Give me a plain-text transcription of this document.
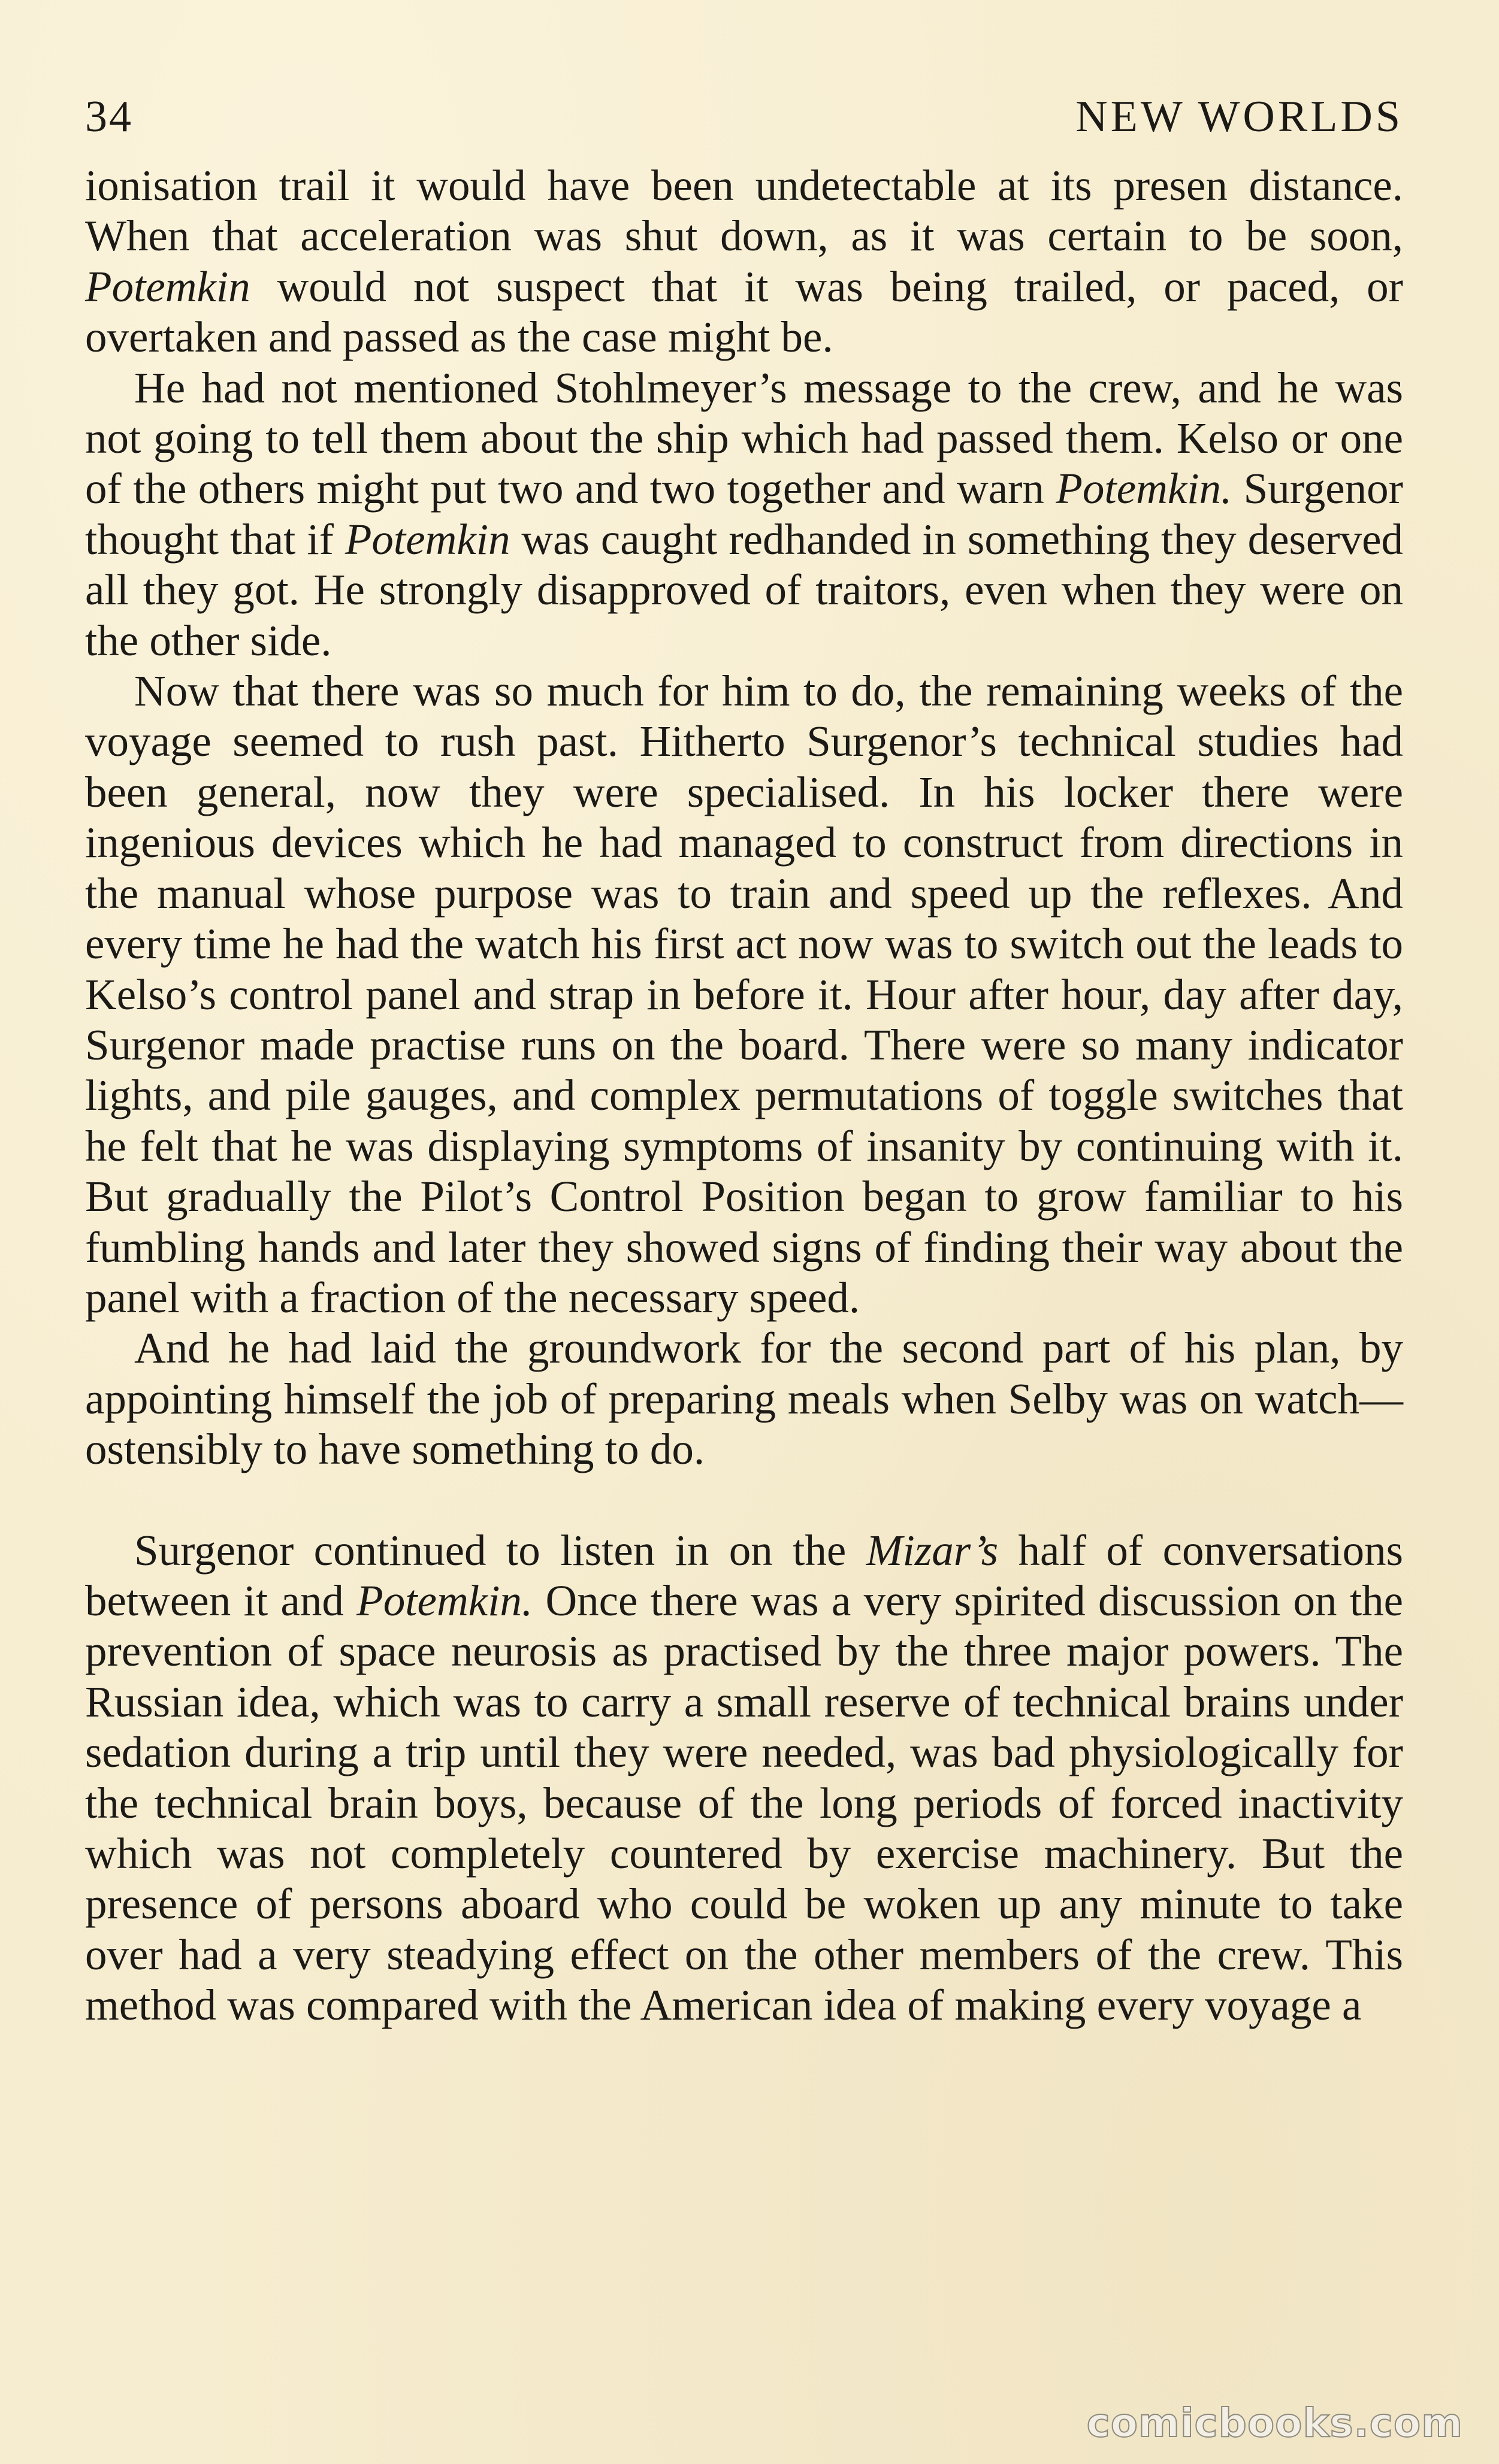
34	NEW WORLDS

ionisation trail it would have been undetectable at its presen distance. When that acceleration was shut down, as it was certain to be soon, Potemkin would not suspect that it was being trailed, or paced, or overtaken and passed as the case might be.

He had not mentioned Stohlmeyer’s message to the crew, and he was not going to tell them about the ship which had passed them. Kelso or one of the others might put two and two together and warn Potemkin. Surgenor thought that if Potemkin was caught redhanded in something they deserved all they got. He strongly disapproved of traitors, even when they were on the other side.

Now that there was so much for him to do, the remaining weeks of the voyage seemed to rush past. Hitherto Surgenor’s technical studies had been general, now they were specialised. In his locker there were ingenious devices which he had managed to construct from directions in the manual whose purpose was to train and speed up the reflexes. And every time he had the watch his first act now was to switch out the leads to Kelso’s control panel and strap in before it. Hour after hour, day after day, Surgenor made practise runs on the board. There were so many indicator lights, and pile gauges, and complex permutations of toggle switches that he felt that he was displaying symptoms of insanity by continuing with it. But gradually the Pilot’s Control Position began to grow familiar to his fumbling hands and later they showed signs of finding their way about the panel with a fraction of the necessary speed.

And he had laid the groundwork for the second part of his plan, by appointing himself the job of preparing meals when Selby was on watch—ostensibly to have something to do.

Surgenor continued to listen in on the Mizar’s half of conversations between it and Potemkin. Once there was a very spirited discussion on the prevention of space neurosis as practised by the three major powers. The Russian idea, which was to carry a small reserve of technical brains under sedation during a trip until they were needed, was bad physiologically for the technical brain boys, because of the long periods of forced inactivity which was not completely countered by exercise machinery. But the presence of persons aboard who could be woken up any minute to take over had a very steadying effect on the other members of the crew. This method was compared with the American idea of making every voyage a

comicbooks.com
